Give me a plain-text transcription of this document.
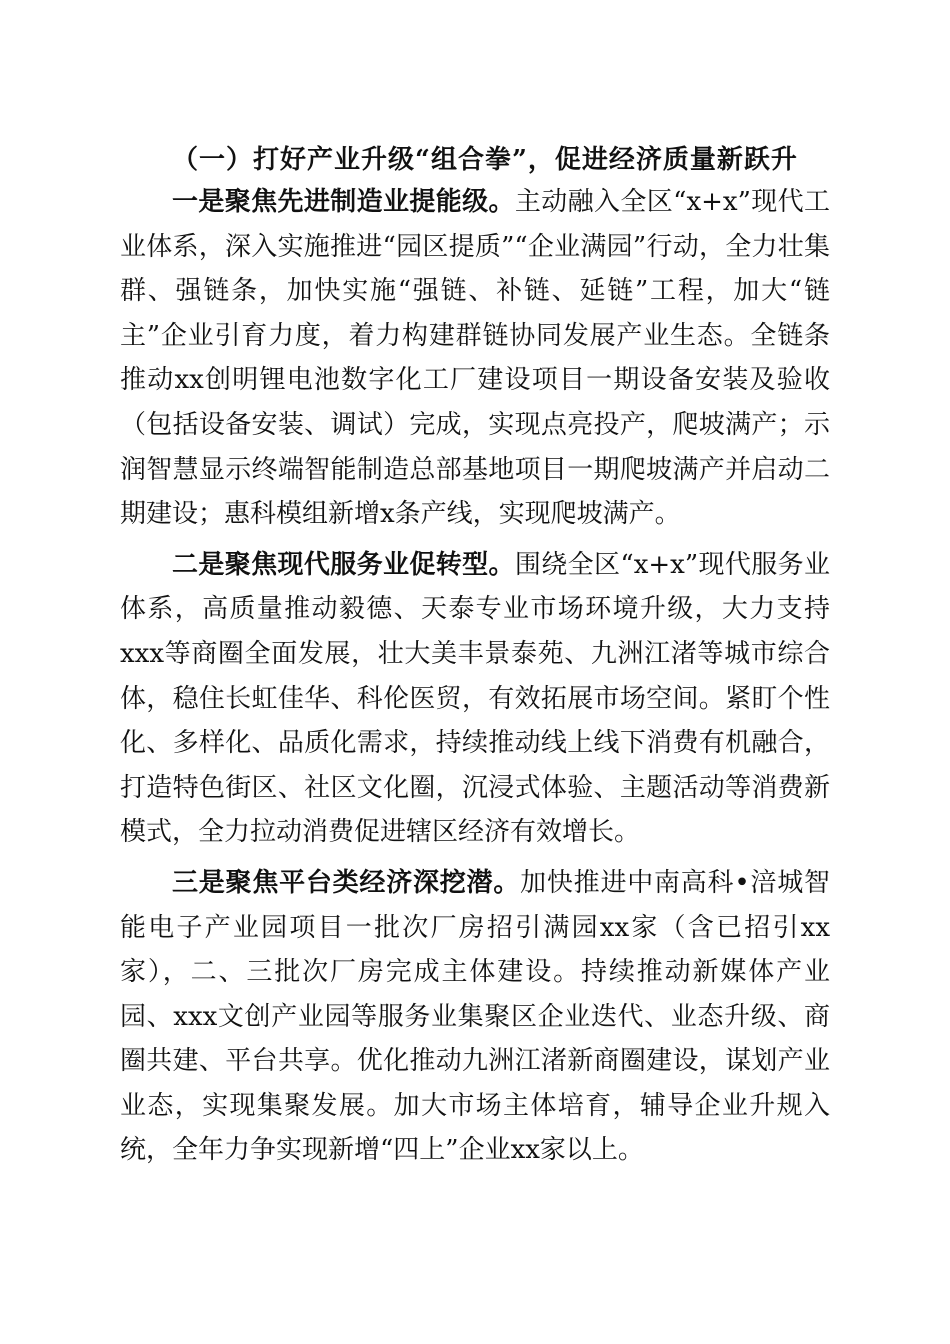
（一）打好产业升级“组合拳”，促进经济质量新跃升

一是聚焦先进制造业提能级。主动融入全区“x+x”现代工业体系，深入实施推进“园区提质”“企业满园”行动，全力壮集群、强链条，加快实施“强链、补链、延链”工程，加大“链主”企业引育力度，着力构建群链协同发展产业生态。全链条推动xx创明锂电池数字化工厂建设项目一期设备安装及验收（包括设备安装、调试）完成，实现点亮投产，爬坡满产；示润智慧显示终端智能制造总部基地项目一期爬坡满产并启动二期建设；惠科模组新增x条产线，实现爬坡满产。

二是聚焦现代服务业促转型。围绕全区“x+x”现代服务业体系，高质量推动毅德、天泰专业市场环境升级，大力支持xxx等商圈全面发展，壮大美丰景泰苑、九洲江渚等城市综合体，稳住长虹佳华、科伦医贸，有效拓展市场空间。紧盯个性化、多样化、品质化需求，持续推动线上线下消费有机融合，打造特色街区、社区文化圈，沉浸式体验、主题活动等消费新模式，全力拉动消费促进辖区经济有效增长。

三是聚焦平台类经济深挖潜。加快推进中南高科•涪城智能电子产业园项目一批次厂房招引满园xx家（含已招引xx家），二、三批次厂房完成主体建设。持续推动新媒体产业园、xxx文创产业园等服务业集聚区企业迭代、业态升级、商圈共建、平台共享。优化推动九洲江渚新商圈建设，谋划产业业态，实现集聚发展。加大市场主体培育，辅导企业升规入统，全年力争实现新增“四上”企业xx家以上。
